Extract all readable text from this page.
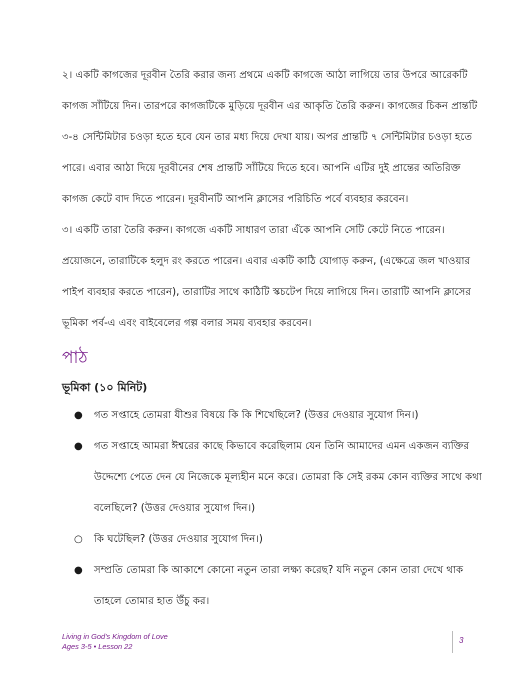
২। একটি কাগজের দূরবীন তৈরি করার জন্য প্রথমে একটি কাগজে আঠা লাগিয়ে তার উপরে আরেকটি কাগজ সাঁটিয়ে দিন। তারপরে কাগজটিকে মুড়িয়ে দূরবীন এর আকৃতি তৈরি করুন। কাগজের চিকন প্রান্তটি ৩-৪ সেন্টিমিটার চওড়া হতে হবে যেন তার মধ্য দিয়ে দেখা যায়। অপর প্রান্তটি ৭ সেন্টিমিটার চওড়া হতে পারে। এবার আঠা দিয়ে দূরবীনের শেষ প্রান্তটি সাঁটিয়ে দিতে হবে। আপনি এটির দুই প্রান্তের অতিরিক্ত কাগজ কেটে বাদ দিতে পারেন। দূরবীনটি আপনি ক্লাসের পরিচিতি পর্বে ব্যবহার করবেন।

৩। একটি তারা তৈরি করুন। কাগজে একটি সাধারণ তারা এঁকে আপনি সেটি কেটে নিতে পারেন। প্রয়োজনে, তারাটিকে হলুদ রং করতে পারেন। এবার একটি কাঠি যোগাড় করুন, (এক্ষেত্রে জল খাওয়ার পাইপ ব্যবহার করতে পারেন), তারাটির সাথে কাঠিটি স্কচটেপ দিয়ে লাগিয়ে দিন। তারাটি আপনি ক্লাসের ভূমিকা পর্ব-এ এবং বাইবেলের গল্প বলার সময় ব্যবহার করবেন।

পাঠ
ভূমিকা (১০ মিনিট)
●
গত সপ্তাহে তোমরা যীশুর বিষয়ে কি কি শিখেছিলে? (উত্তর দেওয়ার সুযোগ দিন।)
●
গত সপ্তাহে আমরা ঈশ্বরের কাছে কিভাবে করেছিলাম যেন তিনি আমাদের এমন একজন ব্যক্তির উদ্দেশ্যে পেতে দেন যে নিজেকে মূল্যহীন মনে করে। তোমরা কি সেই রকম কোন ব্যক্তির সাথে কথা বলেছিলে? (উত্তর দেওয়ার সুযোগ দিন।)
○
কি ঘটেছিল? (উত্তর দেওয়ার সুযোগ দিন।)
●
সম্প্রতি তোমরা কি আকাশে কোনো নতুন তারা লক্ষ্য করেছ? যদি নতুন কোন তারা দেখে থাক তাহলে তোমার হাত উঁচু কর।
Living in God's Kingdom of Love
Ages 3-5 • Lesson 22
3
